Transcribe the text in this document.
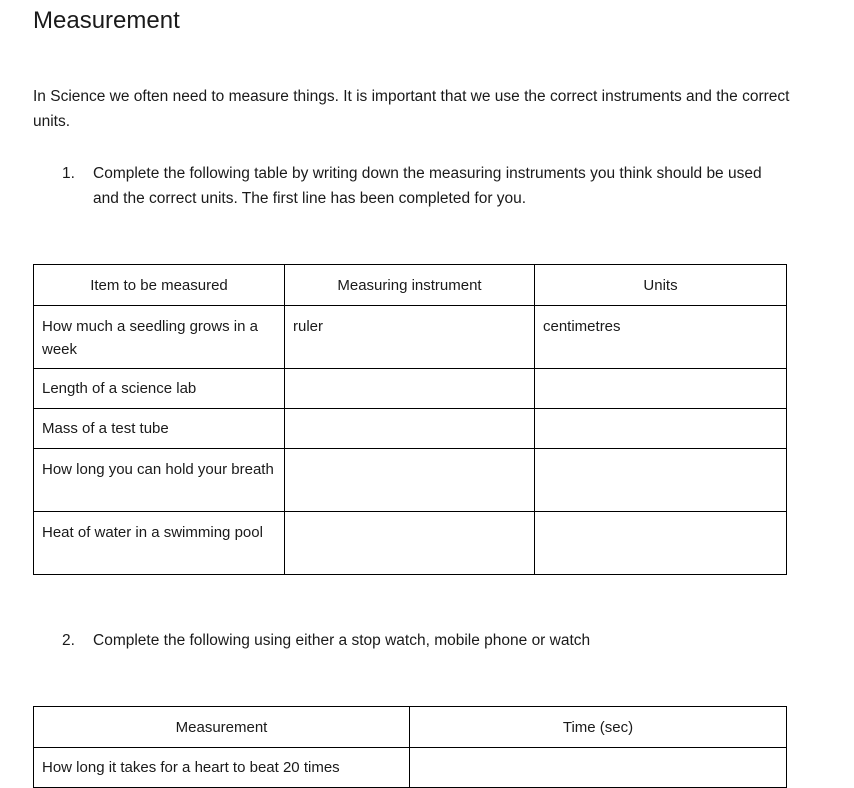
Measurement

In Science we often need to measure things. It is important that we use the correct instruments and the correct units.

1.	Complete the following table by writing down the measuring instruments you think should be used and the correct units. The first line has been completed for you.
Item to be measured	Measuring instrument	Units
How much a seedling grows in a week	ruler	centimetres
Length of a science lab		
Mass of a test tube		
How long you can hold your breath		
Heat of water in a swimming pool		
2.	Complete the following using either a stop watch, mobile phone or watch
Measurement	Time (sec)
How long it takes for a heart to beat 20 times	
